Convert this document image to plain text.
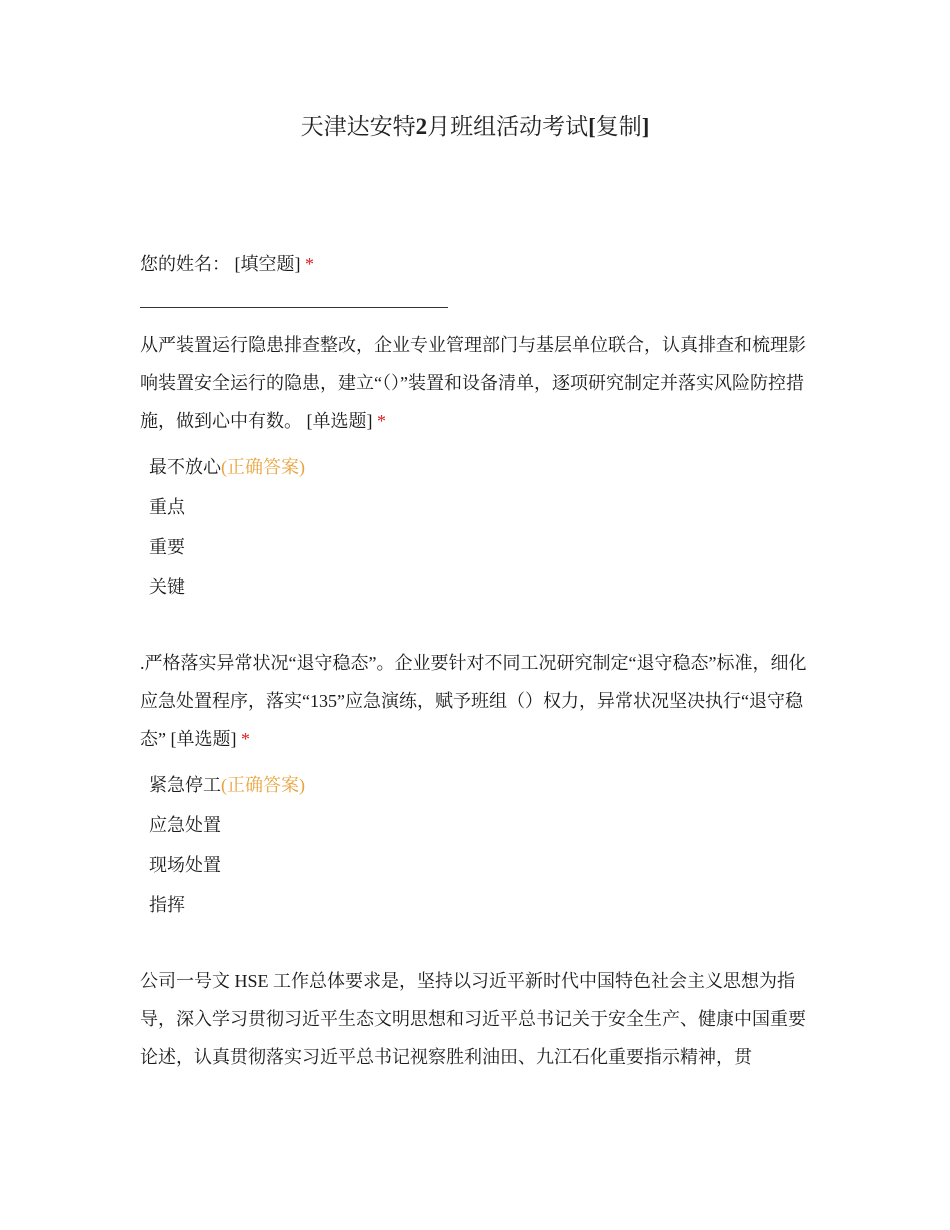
天津达安特2月班组活动考试[复制]
您的姓名： [填空题] *
从严装置运行隐患排查整改，企业专业管理部门与基层单位联合，认真排查和梳理影响装置安全运行的隐患，建立“（）”装置和设备清单，逐项研究制定并落实风险防控措施，做到心中有数。 [单选题] *
最不放心(正确答案)
重点
重要
关键
.严格落实异常状况“退守稳态”。企业要针对不同工况研究制定“退守稳态”标准，细化应急处置程序，落实“135”应急演练，赋予班组（）权力，异常状况坚决执行“退守稳态” [单选题] *
紧急停工(正确答案)
应急处置
现场处置
指挥
公司一号文 HSE 工作总体要求是，坚持以习近平新时代中国特色社会主义思想为指导，深入学习贯彻习近平生态文明思想和习近平总书记关于安全生产、健康中国重要论述，认真贯彻落实习近平总书记视察胜利油田、九江石化重要指示精神，贯
